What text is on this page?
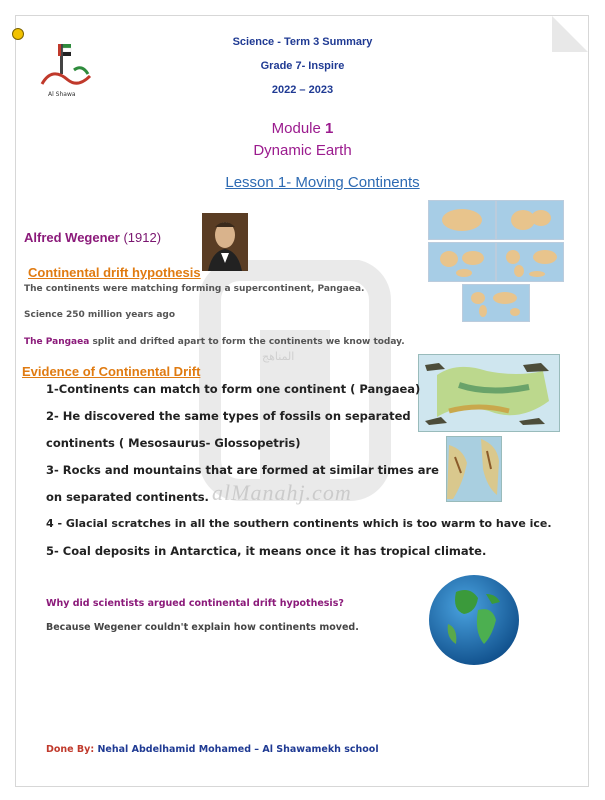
Al Shawa
Science - Term 3 Summary
Grade 7- Inspire
2022 – 2023
Module 1
Dynamic Earth
Lesson 1- Moving Continents
alManahj.com
المناهج
Alfred Wegener (1912)
Continental drift hypothesis
The continents were matching forming a supercontinent, Pangaea.
Science 250 million years ago
The Pangaea split and drifted apart to form the continents we know today.
Evidence of Continental Drift
1-Continents can match to form one continent ( Pangaea)
2- He discovered the same types of fossils on separated
continents ( Mesosaurus- Glossopetris)
3- Rocks and mountains that are formed at similar times are
on separated continents.
4 - Glacial scratches in all the southern continents which is too warm to have ice.
5- Coal deposits in Antarctica, it means once it has tropical climate.
Why did scientists argued continental drift hypothesis?
Because Wegener couldn't explain how continents moved.
Done By: Nehal Abdelhamid Mohamed – Al Shawamekh school
